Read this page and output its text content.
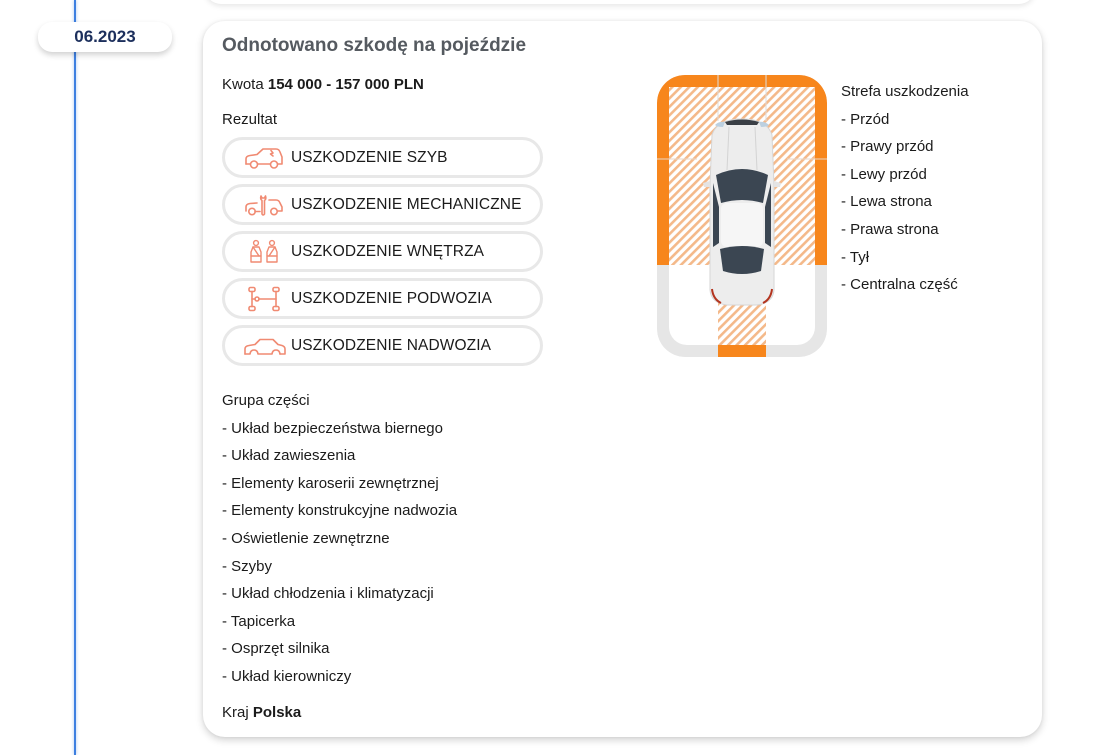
06.2023	Odnotowano szkodę na pojeździe
Kwota 154 000 - 157 000 PLN
Rezultat
USZKODZENIE SZYB
USZKODZENIE MECHANICZNE
USZKODZENIE WNĘTRZA
USZKODZENIE PODWOZIA
USZKODZENIE NADWOZIA
Grupa części
- Układ bezpieczeństwa biernego
- Układ zawieszenia
- Elementy karoserii zewnętrznej
- Elementy konstrukcyjne nadwozia
- Oświetlenie zewnętrzne
- Szyby
- Układ chłodzenia i klimatyzacji
- Tapicerka
- Osprzęt silnika
- Układ kierowniczy
Kraj Polska
Strefa uszkodzenia
- Przód
- Prawy przód
- Lewy przód
- Lewa strona
- Prawa strona
- Tył
- Centralna część
